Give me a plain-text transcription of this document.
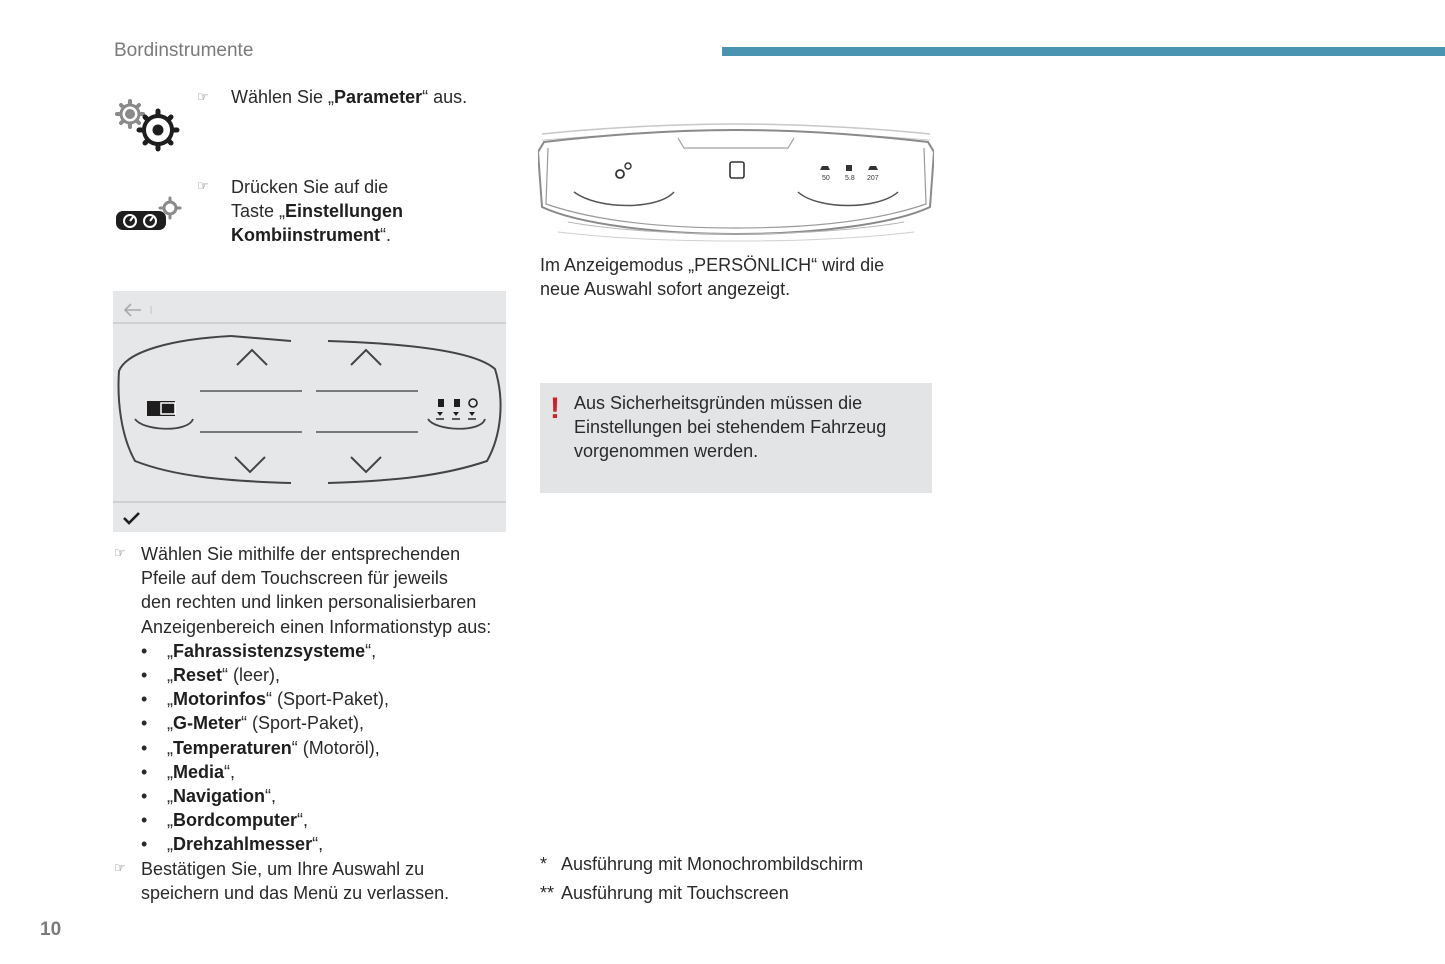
Bordinstrumente
☞ Wählen Sie „Parameter“ aus.
☞ Drücken Sie auf die
Taste „Einstellungen
Kombiinstrument“.
☞ Wählen Sie mithilfe der entsprechenden
Pfeile auf dem Touchscreen für jeweils
den rechten und linken personalisierbaren
Anzeigenbereich einen Informationstyp aus:
• „Fahrassistenzsysteme“,
• „Reset“ (leer),
• „Motorinfos“ (Sport-Paket),
• „G-Meter“ (Sport-Paket),
• „Temperaturen“ (Motoröl),
• „Media“,
• „Navigation“,
• „Bordcomputer“,
• „Drehzahlmesser“,
☞ Bestätigen Sie, um Ihre Auswahl zu
speichern und das Menü zu verlassen.
50 5.8 207
Im Anzeigemodus „PERSÖNLICH“ wird die
neue Auswahl sofort angezeigt.
! Aus Sicherheitsgründen müssen die
Einstellungen bei stehendem Fahrzeug
vorgenommen werden.
* Ausführung mit Monochrombildschirm
** Ausführung mit Touchscreen
10
